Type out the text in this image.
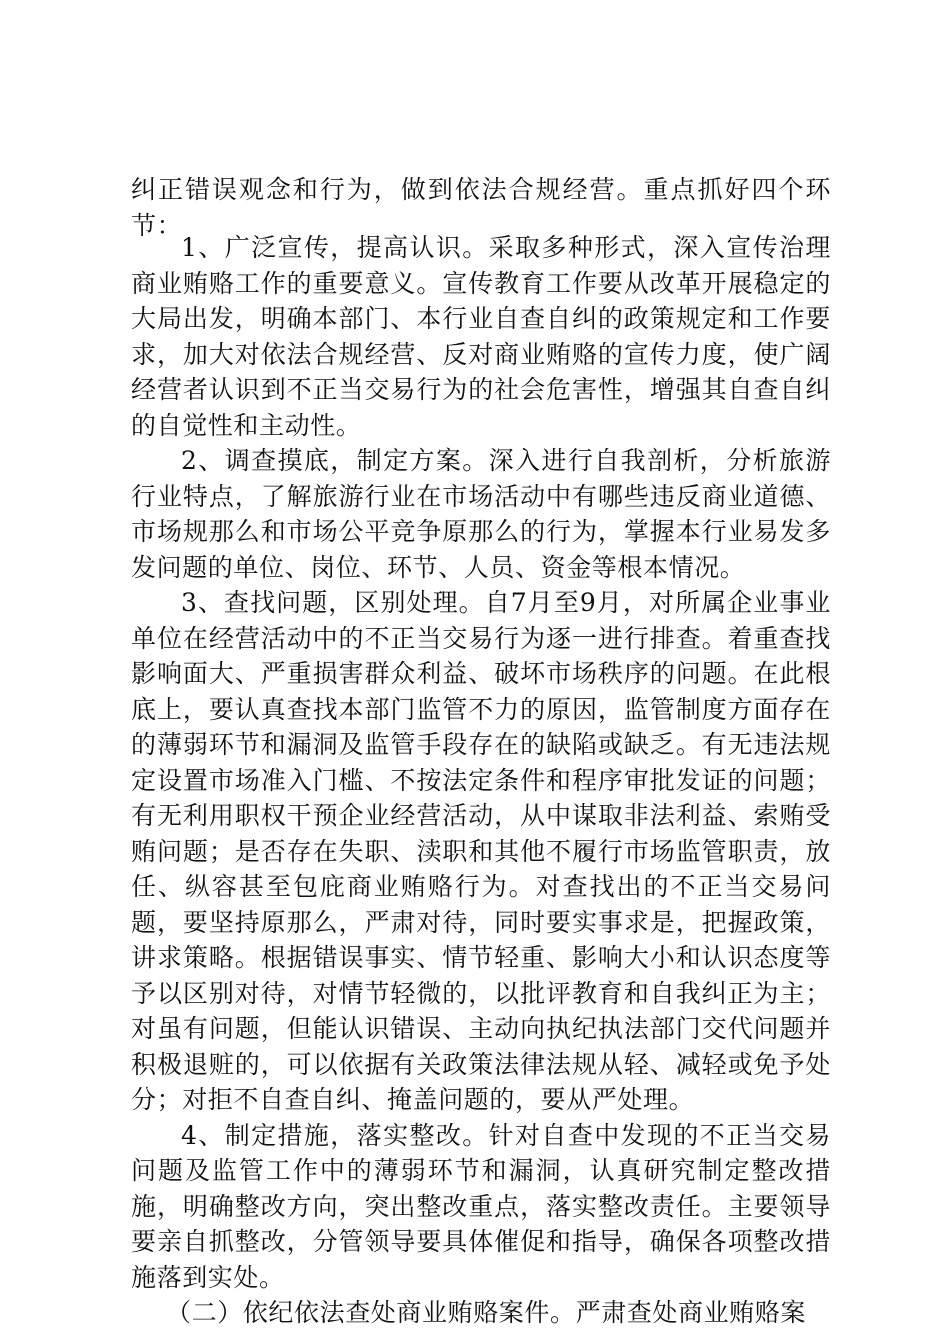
纠正错误观念和行为，做到依法合规经营。重点抓好四个环节：

1、广泛宣传，提高认识。采取多种形式，深入宣传治理商业贿赂工作的重要意义。宣传教育工作要从改革开展稳定的大局出发，明确本部门、本行业自查自纠的政策规定和工作要求，加大对依法合规经营、反对商业贿赂的宣传力度，使广阔经营者认识到不正当交易行为的社会危害性，增强其自查自纠的自觉性和主动性。

2、调查摸底，制定方案。深入进行自我剖析，分析旅游行业特点，了解旅游行业在市场活动中有哪些违反商业道德、市场规那么和市场公平竞争原那么的行为，掌握本行业易发多发问题的单位、岗位、环节、人员、资金等根本情况。

3、查找问题，区别处理。自7月至9月，对所属企业事业单位在经营活动中的不正当交易行为逐一进行排查。着重查找影响面大、严重损害群众利益、破坏市场秩序的问题。在此根底上，要认真查找本部门监管不力的原因，监管制度方面存在的薄弱环节和漏洞及监管手段存在的缺陷或缺乏。有无违法规定设置市场准入门槛、不按法定条件和程序审批发证的问题；有无利用职权干预企业经营活动，从中谋取非法利益、索贿受贿问题；是否存在失职、渎职和其他不履行市场监管职责，放任、纵容甚至包庇商业贿赂行为。对查找出的不正当交易问题，要坚持原那么，严肃对待，同时要实事求是，把握政策，讲求策略。根据错误事实、情节轻重、影响大小和认识态度等予以区别对待，对情节轻微的，以批评教育和自我纠正为主；对虽有问题，但能认识错误、主动向执纪执法部门交代问题并积极退赃的，可以依据有关政策法律法规从轻、减轻或免予处分；对拒不自查自纠、掩盖问题的，要从严处理。

4、制定措施，落实整改。针对自查中发现的不正当交易问题及监管工作中的薄弱环节和漏洞，认真研究制定整改措施，明确整改方向，突出整改重点，落实整改责任。主要领导要亲自抓整改，分管领导要具体催促和指导，确保各项整改措施落到实处。

（二）依纪依法查处商业贿赂案件。严肃查处商业贿赂案
